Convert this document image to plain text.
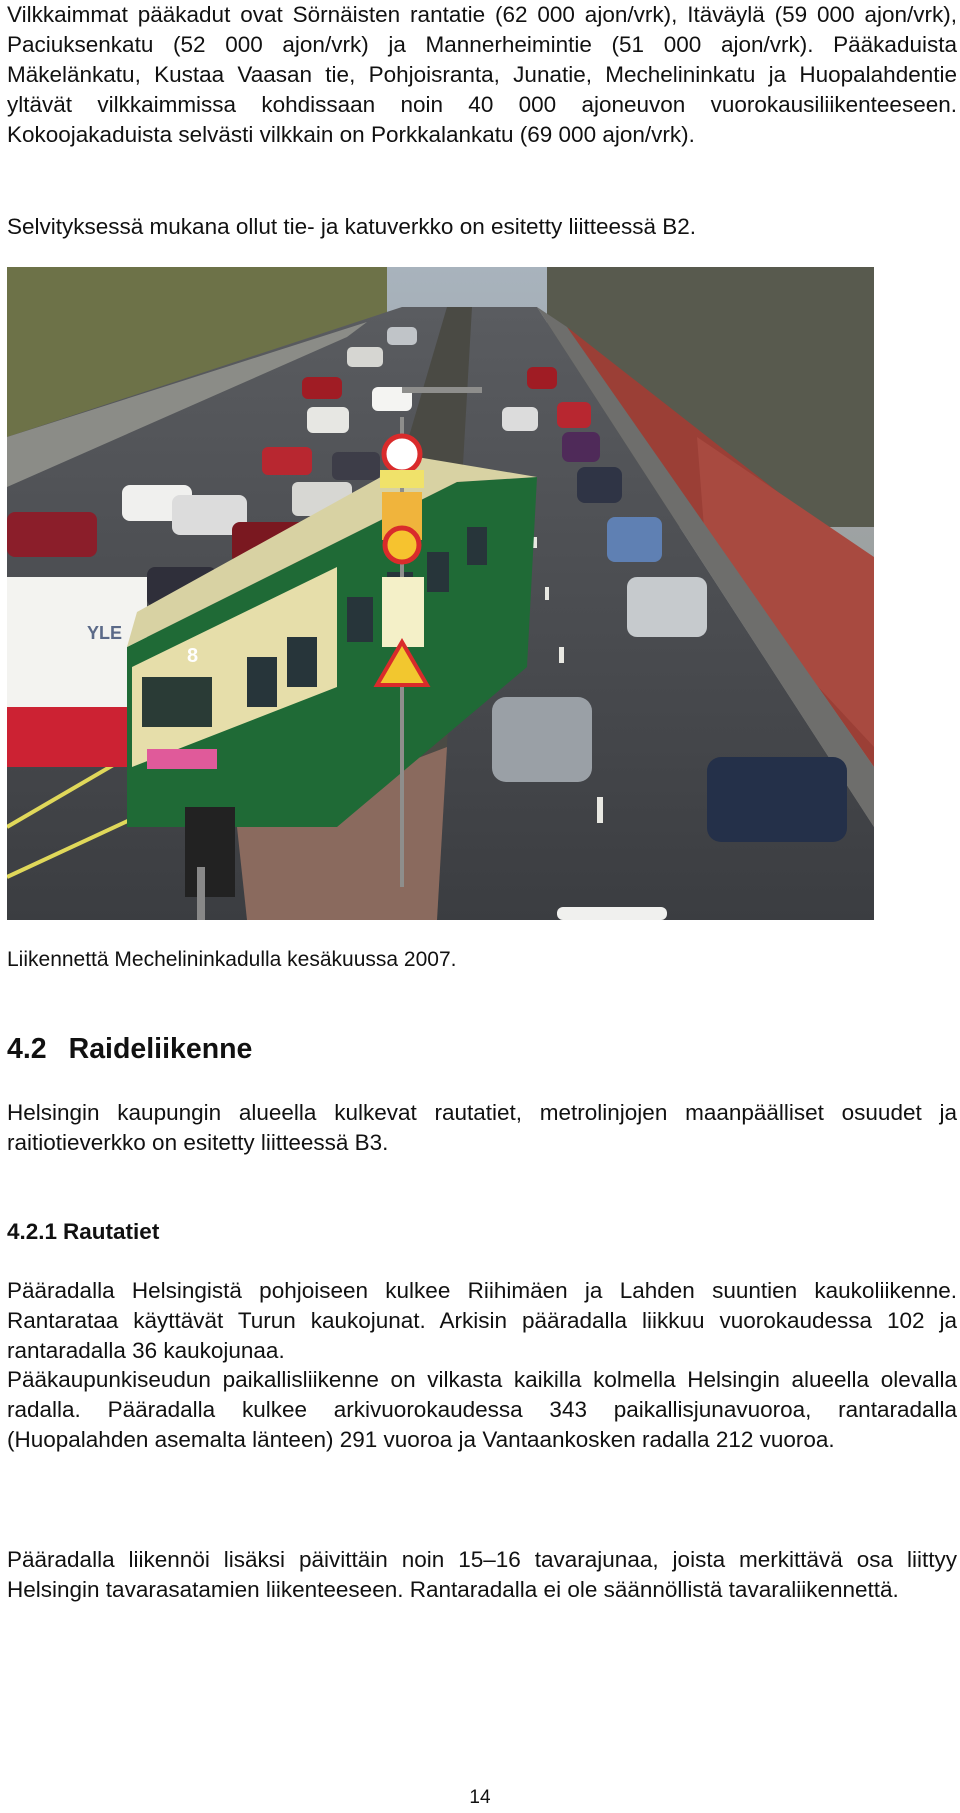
Vilkkaimmat pääkadut ovat Sörnäisten rantatie (62 000 ajon/vrk), Itäväylä (59 000 ajon/vrk), Paciuksenkatu (52 000 ajon/vrk) ja Mannerheimintie (51 000 ajon/vrk). Pääkaduista Mäkelänkatu, Kustaa Vaasan tie, Pohjoisranta, Junatie, Mechelininkatu ja Huopalahdentie yltävät vilkkaimmissa kohdissaan noin 40 000 ajoneuvon vuorokausiliikenteeseen. Kokoojakaduista selvästi vilkkain on Porkkalankatu (69 000 ajon/vrk).

Selvityksessä mukana ollut tie- ja katuverkko on esitetty liitteessä B2.

YLE
8

Liikennettä Mechelininkadulla kesäkuussa 2007.

4.2 Raideliikenne

Helsingin kaupungin alueella kulkevat rautatiet, metrolinjojen maanpäälliset osuudet ja raitiotieverkko on esitetty liitteessä B3.

4.2.1 Rautatiet

Pääradalla Helsingistä pohjoiseen kulkee Riihimäen ja Lahden suuntien kaukoliikenne. Rantarataa käyttävät Turun kaukojunat. Arkisin pääradalla liikkuu vuorokaudessa 102 ja rantaradalla 36 kaukojunaa.

Pääkaupunkiseudun paikallisliikenne on vilkasta kaikilla kolmella Helsingin alueella olevalla radalla. Pääradalla kulkee arkivuorokaudessa 343 paikallisjunavuoroa, rantaradalla (Huopalahden asemalta länteen) 291 vuoroa ja Vantaankosken radalla 212 vuoroa.

Pääradalla liikennöi lisäksi päivittäin noin 15–16 tavarajunaa, joista merkittävä osa liittyy Helsingin tavarasatamien liikenteeseen. Rantaradalla ei ole säännöllistä tavaraliikennettä.

14
